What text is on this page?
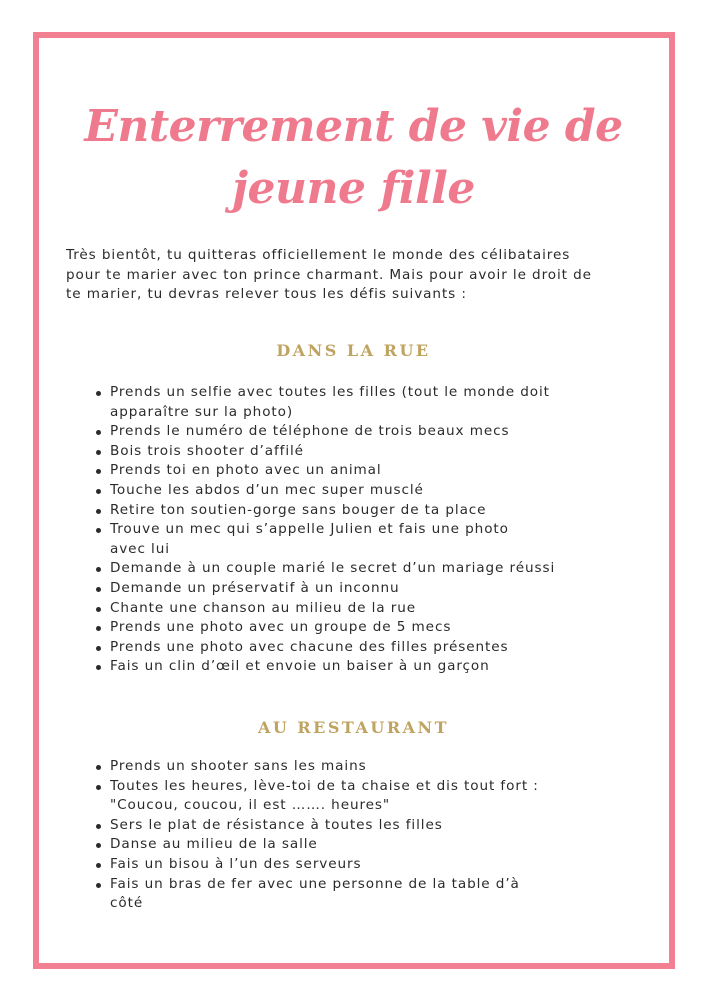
Enterrement de vie de
jeune fille

Très bientôt, tu quitteras officiellement le monde des célibataires
pour te marier avec ton prince charmant. Mais pour avoir le droit de
te marier, tu devras relever tous les défis suivants :

DANS LA RUE
Prends un selfie avec toutes les filles (tout le monde doit
apparaître sur la photo)
Prends le numéro de téléphone de trois beaux mecs
Bois trois shooter d’affilé
Prends toi en photo avec un animal
Touche les abdos d’un mec super musclé
Retire ton soutien-gorge sans bouger de ta place
Trouve un mec qui s’appelle Julien et fais une photo
avec lui
Demande à un couple marié le secret d’un mariage réussi
Demande un préservatif à un inconnu
Chante une chanson au milieu de la rue
Prends une photo avec un groupe de 5 mecs
Prends une photo avec chacune des filles présentes
Fais un clin d’œil et envoie un baiser à un garçon
AU RESTAURANT
Prends un shooter sans les mains
Toutes les heures, lève-toi de ta chaise et dis tout fort :
"Coucou, coucou, il est ……. heures"
Sers le plat de résistance à toutes les filles
Danse au milieu de la salle
Fais un bisou à l’un des serveurs
Fais un bras de fer avec une personne de la table d’à
côté
